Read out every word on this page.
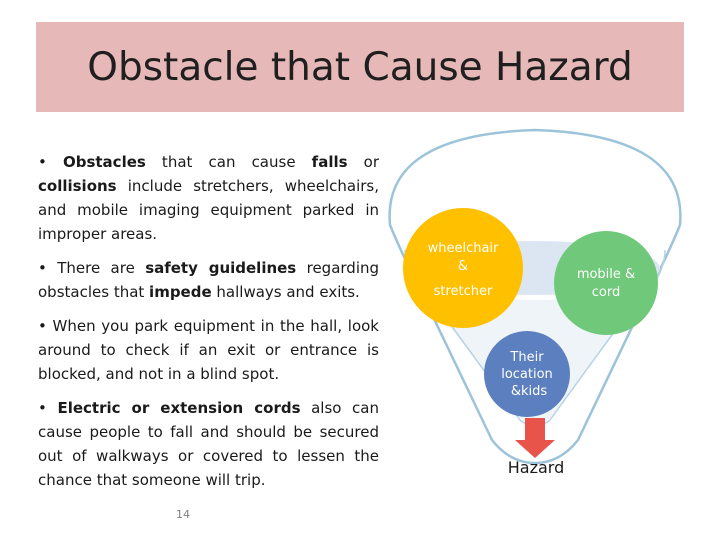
Obstacle that Cause Hazard
• Obstacles that can cause falls or collisions include stretchers, wheelchairs, and mobile imaging equipment parked in improper areas.
• There are safety guidelines regarding obstacles that impede hallways and exits.
• When you park equipment in the hall, look around to check if an exit or entrance is blocked, and not in a blind spot.
• Electric or extension cords also can cause people to fall and should be secured out of walkways or covered to lessen the chance that someone will trip.
wheelchair
&
stretcher
mobile &
cord
Their
location
&kids
Hazard
14
